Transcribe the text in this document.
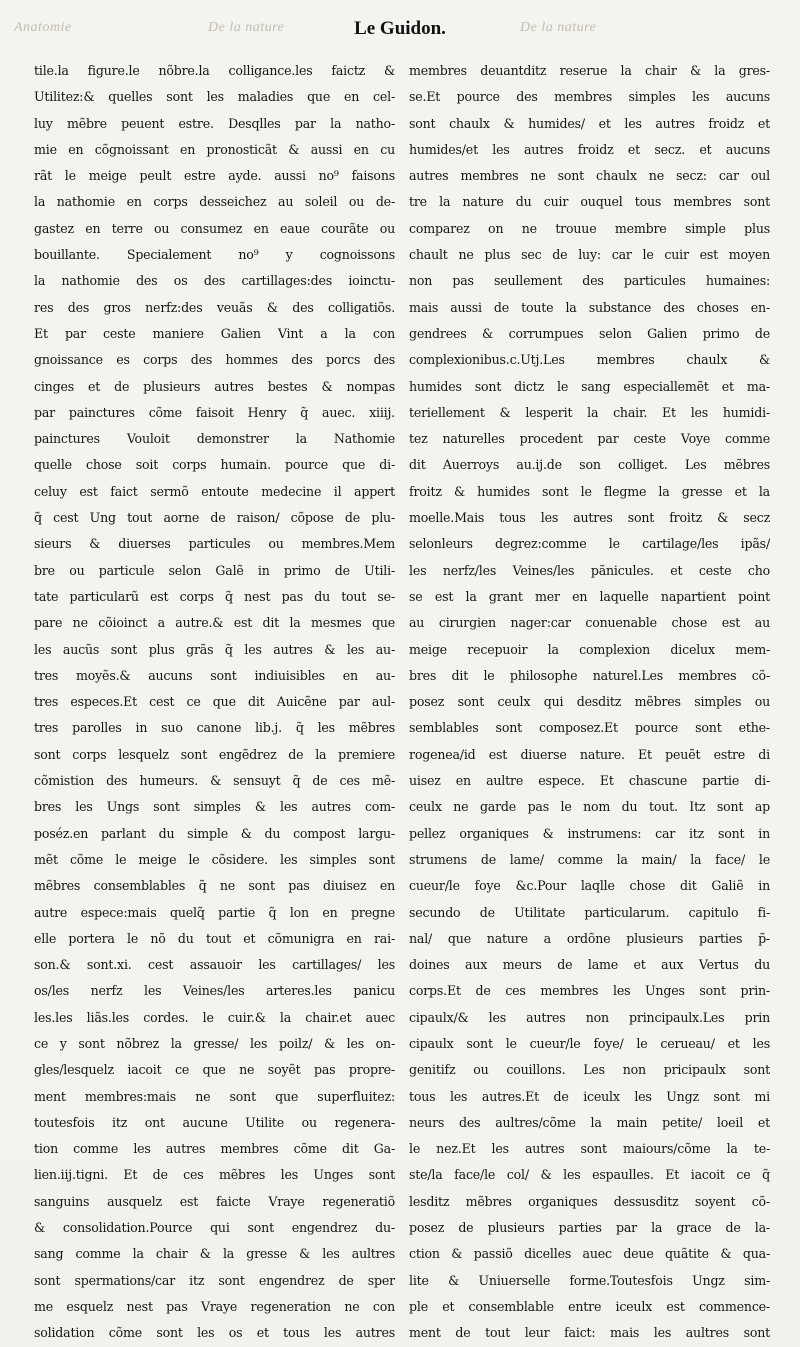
Anatomie	De la nature	De la nature
Le Guidon.
tile.la figure.le nõbre.la colligance.les faictz &
Utilitez:& quelles sont les maladies que en cel-
luy mẽbre peuent estre. Desqlles par la natho-
mie en cõgnoissant en pronosticãt & aussi en cu
rãt le meige peult estre ayde. aussi no⁹ faisons
la nathomie en corps desseichez au soleil ou de-
gastez en terre ou consumez en eaue courãte ou
bouillante. Specialement no⁹ y cognoissons
la nathomie des os des cartillages:des ioinctu-
res des gros nerfz:des veuãs & des colligatiõs.
Et par ceste maniere Galien Vint a la con
gnoissance es corps des hommes des porcs des
cinges et de plusieurs autres bestes & nompas
par painctures cõme faisoit Henry q̃ auec. xiiij.
painctures Vouloit demonstrer la Nathomie
quelle chose soit corps humain. pource que di-
celuy est faict sermõ entoute medecine il appert
q̃ cest Ung tout aorne de raison/ cõpose de plu-
sieurs & diuerses particules ou membres.Mem
bre ou particule selon Galẽ in primo de Utili-
tate particularũ est corps q̃ nest pas du tout se-
pare ne cõioinct a autre.& est dit la mesmes que
les aucũs sont plus grãs q̃ les autres & les au-
tres moyẽs.& aucuns sont indiuisibles en au-
tres especes.Et cest ce que dit Auicẽne par aul-
tres parolles in suo canone lib.j. q̃ les mẽbres
sont corps lesquelz sont engẽdrez de la premiere
cõmistion des humeurs. & sensuyt q̃ de ces mẽ-
bres les Ungs sont simples & les autres com-
poséz.en parlant du simple & du compost largu-
mẽt cõme le meige le cõsidere. les simples sont
mẽbres consemblables q̃ ne sont pas diuisez en
autre espece:mais quelq̃ partie q̃ lon en pregne
elle portera le nõ du tout et cõmunigra en rai-
son.& sont.xi. cest assauoir les cartillages/ les
os/les nerfz les Veines/les arteres.les panicu
les.les liãs.les cordes. le cuir.& la chair.et auec
ce y sont nõbrez la gresse/ les poilz/ & les on-
gles/lesquelz iacoit ce que ne soyẽt pas propre-
ment membres:mais ne sont que superfluitez:
toutesfois itz ont aucune Utilite ou regenera-
tion comme les autres membres cõme dit Ga-
lien.iij.tigni. Et de ces mẽbres les Unges sont
sanguins ausquelz est faicte Vraye regeneratiõ
& consolidation.Pource qui sont engendrez du-
sang comme la chair & la gresse & les aultres
sont spermations/car itz sont engendrez de sper
me esquelz nest pas Vraye regeneration ne con
solidation cõme sont les os et tous les autres
membres deuantditz reserue la chair & la gres-
se.Et pource des membres simples les aucuns
sont chaulx & humides/ et les autres froidz et
humides/et les autres froidz et secz. et aucuns
autres membres ne sont chaulx ne secz: car oul
tre la nature du cuir ouquel tous membres sont
comparez on ne trouue membre simple plus
chault ne plus sec de luy: car le cuir est moyen
non pas seullement des particules humaines:
mais aussi de toute la substance des choses en-
gendrees & corrumpues selon Galien primo de
complexionibus.c.Utj.Les membres chaulx &
humides sont dictz le sang especiallemẽt et ma-
teriellement & lesperit la chair. Et les humidi-
tez naturelles procedent par ceste Voye comme
dit Auerroys au.ij.de son colliget. Les mẽbres
froitz & humides sont le flegme la gresse et la
moelle.Mais tous les autres sont froitz & secz
selonleurs degrez:comme le cartilage/les ipãs/
les nerfz/les Veines/les pãnicules. et ceste cho
se est la grant mer en laquelle napartient point
au cirurgien nager:car conuenable chose est au
meige recepuoir la complexion dicelux mem-
bres dit le philosophe naturel.Les membres cõ-
posez sont ceulx qui desditz mẽbres simples ou
semblables sont composez.Et pource sont ethe-
rogenea/id est diuerse nature. Et peuẽt estre di
uisez en aultre espece. Et chascune partie di-
ceulx ne garde pas le nom du tout. Itz sont ap
pellez organiques & instrumens: car itz sont in
strumens de lame/ comme la main/ la face/ le
cueur/le foye &c.Pour laqlle chose dit Galiẽ in
secundo de Utilitate particularum. capitulo fi-
nal/ que nature a ordõne plusieurs parties p̃-
doines aux meurs de lame et aux Vertus du
corps.Et de ces membres les Unges sont prin-
cipaulx/& les autres non principaulx.Les prin
cipaulx sont le cueur/le foye/ le cerueau/ et les
genitifz ou couillons. Les non pricipaulx sont
tous les autres.Et de iceulx les Ungz sont mi
neurs des aultres/cõme la main petite/ loeil et
le nez.Et les autres sont maiours/cõme la te-
ste/la face/le col/ & les espaulles. Et iacoit ce q̃
lesditz mẽbres organiques dessusditz soyent cõ-
posez de plusieurs parties par la grace de la-
ction & passiõ dicelles auec deue quãtite & qua-
lite & Uniuerselle forme.Toutesfois Ungz sim-
ple et consemblable entre iceulx est commence-
ment de tout leur faict: mais les aultres sont
